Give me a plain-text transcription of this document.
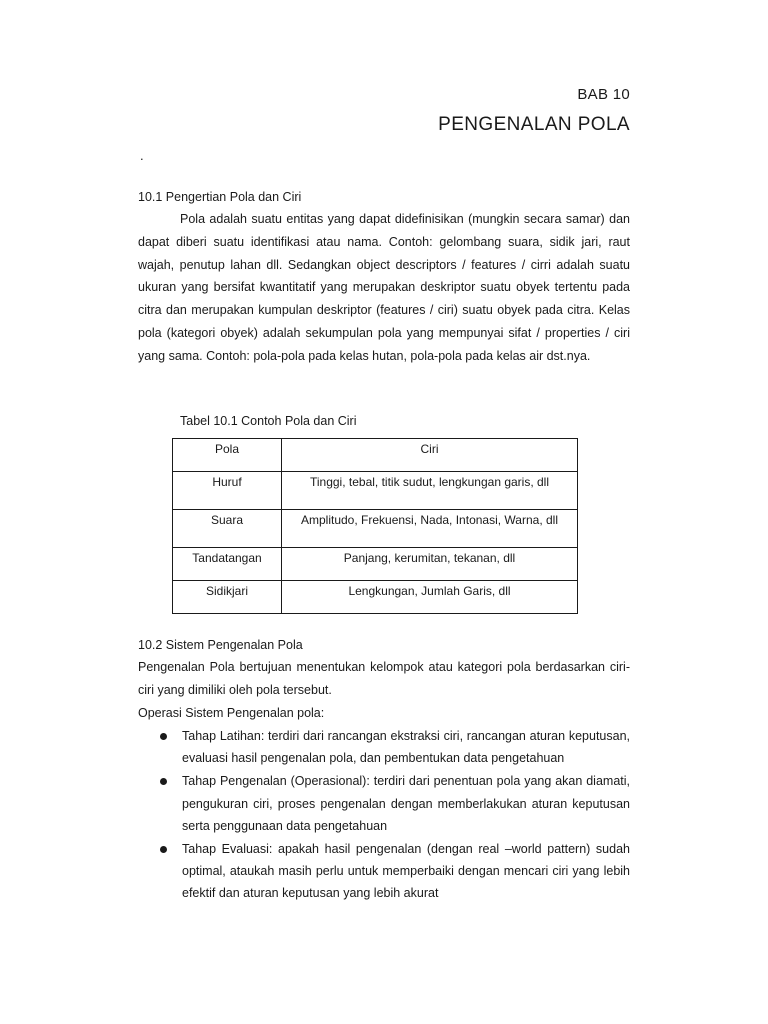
BAB 10
PENGENALAN POLA
.
10.1 Pengertian Pola dan Ciri
Pola adalah suatu entitas yang dapat didefinisikan (mungkin secara samar) dan dapat diberi suatu identifikasi atau nama. Contoh: gelombang suara, sidik jari, raut wajah, penutup lahan dll. Sedangkan object descriptors / features / cirri adalah suatu ukuran yang bersifat kwantitatif yang merupakan deskriptor suatu obyek tertentu pada citra dan merupakan kumpulan deskriptor (features / ciri) suatu obyek pada citra. Kelas pola (kategori obyek) adalah sekumpulan pola yang mempunyai sifat / properties / ciri yang sama. Contoh: pola-pola pada kelas hutan, pola-pola pada kelas air dst.nya.
Tabel 10.1 Contoh Pola dan Ciri
Pola	Ciri
Huruf	Tinggi, tebal, titik sudut, lengkungan garis, dll
Suara	Amplitudo, Frekuensi, Nada, Intonasi, Warna, dll
Tandatangan	Panjang, kerumitan, tekanan, dll
Sidikjari	Lengkungan, Jumlah Garis, dll
10.2 Sistem Pengenalan Pola
Pengenalan Pola bertujuan menentukan kelompok atau kategori pola berdasarkan ciri-ciri yang dimiliki oleh pola tersebut.
Operasi Sistem Pengenalan pola:
Tahap Latihan: terdiri dari rancangan ekstraksi ciri, rancangan aturan keputusan, evaluasi hasil pengenalan pola, dan pembentukan data pengetahuan
Tahap Pengenalan (Operasional): terdiri dari penentuan pola yang akan diamati, pengukuran ciri, proses pengenalan dengan memberlakukan aturan keputusan serta penggunaan data pengetahuan
Tahap Evaluasi: apakah hasil pengenalan (dengan real –world pattern) sudah optimal, ataukah masih perlu untuk memperbaiki dengan mencari ciri yang lebih efektif dan aturan keputusan yang lebih akurat
